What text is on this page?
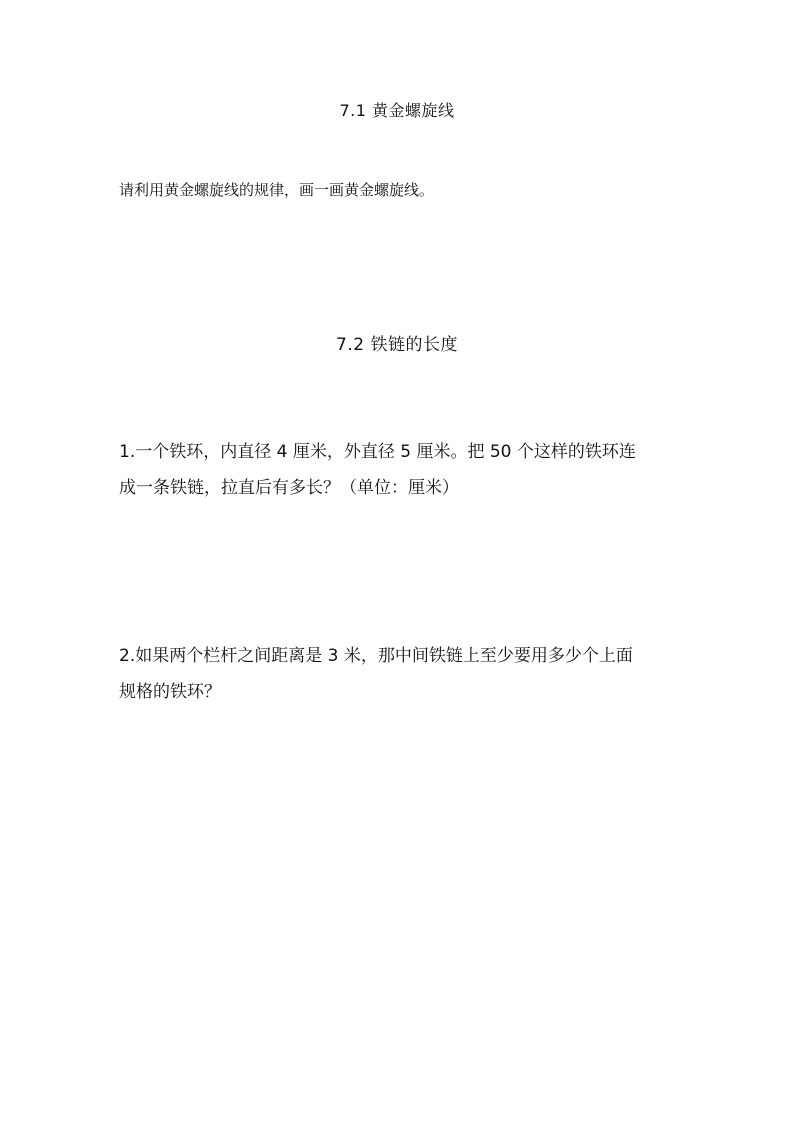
7.1 黄金螺旋线
请利用黄金螺旋线的规律，画一画黄金螺旋线。
7.2 铁链的长度
1.一个铁环，内直径 4 厘米，外直径 5 厘米。把 50 个这样的铁环连
成一条铁链，拉直后有多长？（单位：厘米）
2.如果两个栏杆之间距离是 3 米，那中间铁链上至少要用多少个上面
规格的铁环？
